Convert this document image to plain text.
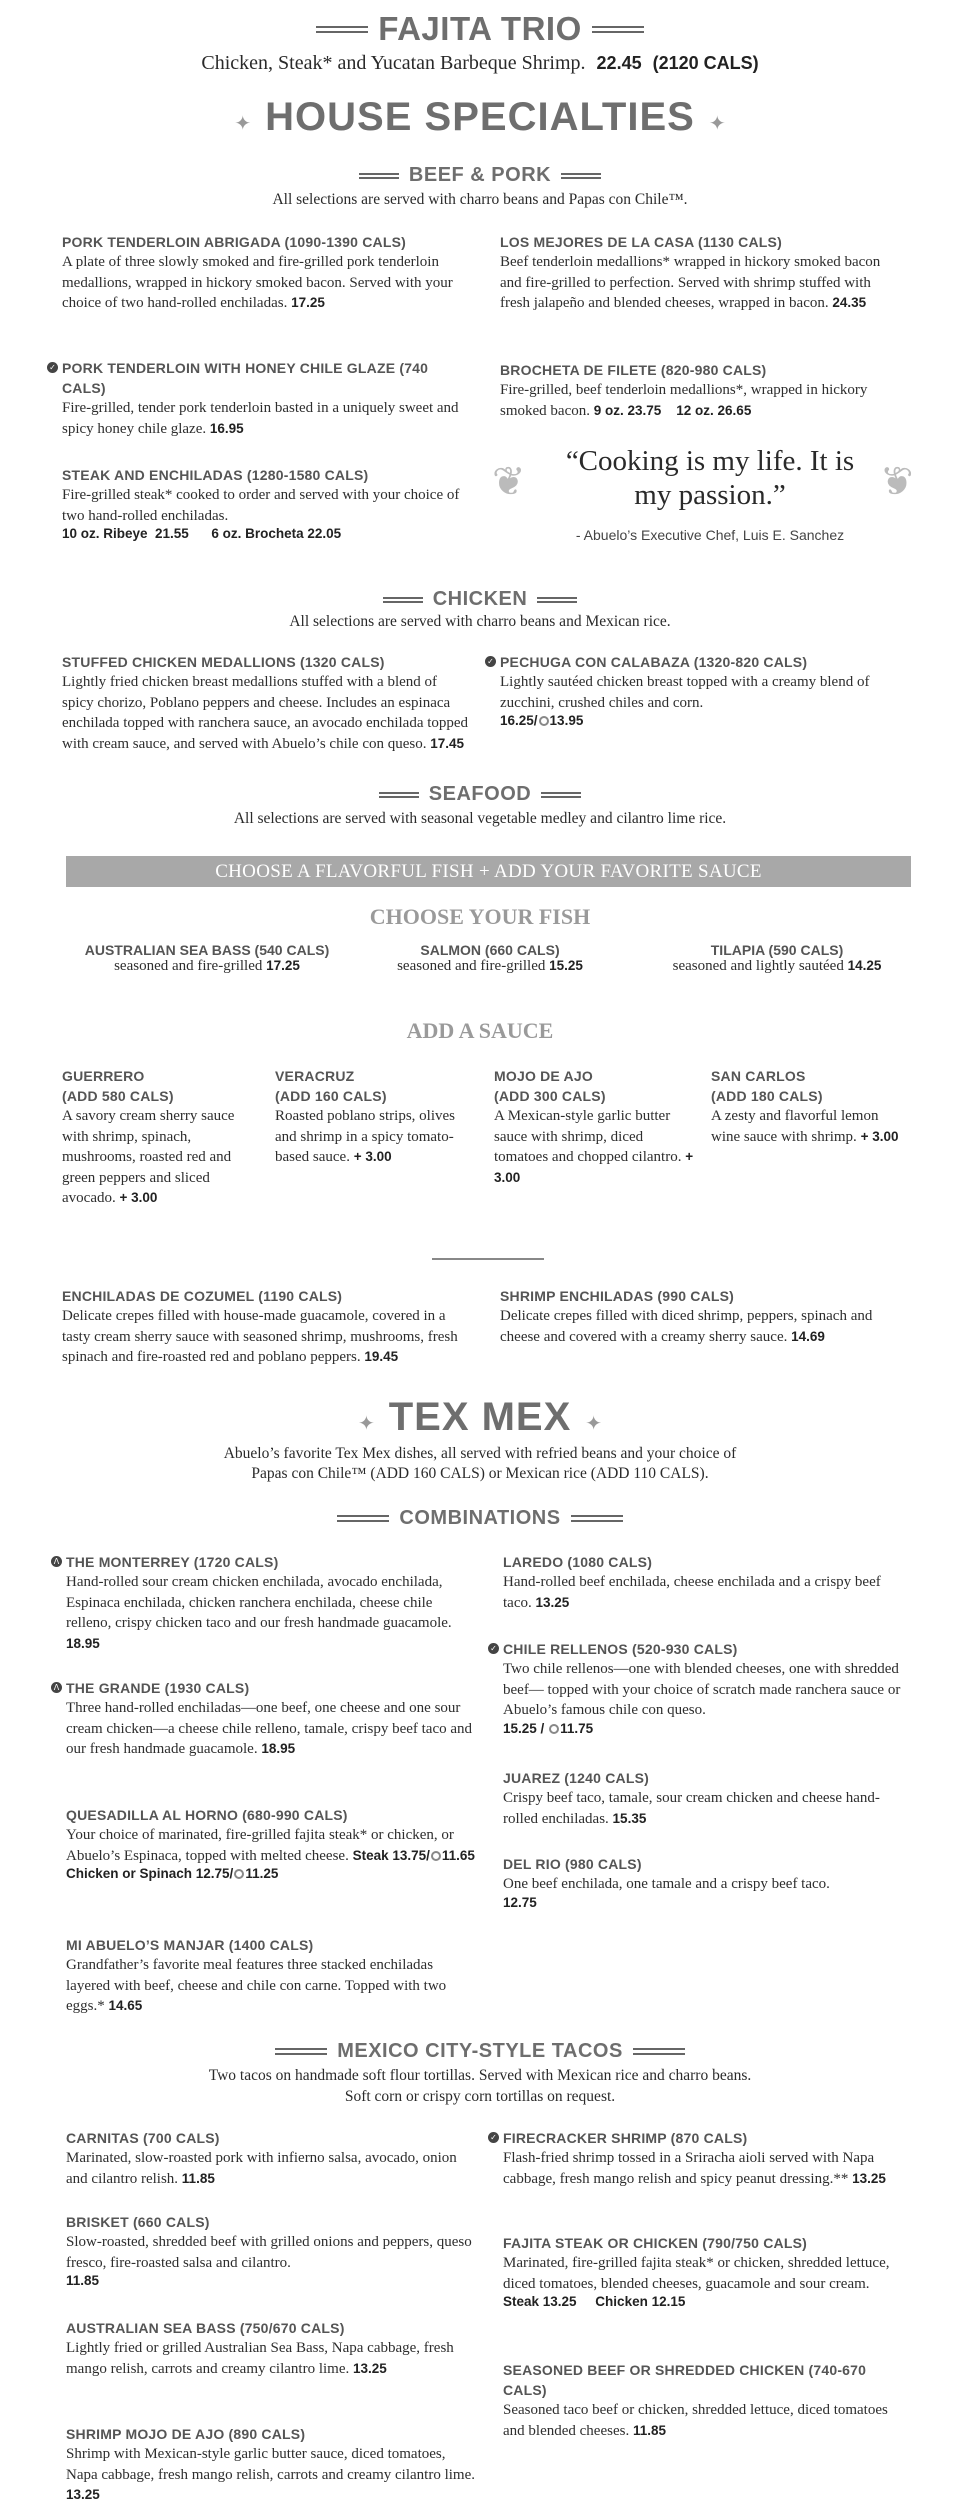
FAJITA TRIO
Chicken, Steak* and Yucatan Barbeque Shrimp. 22.45 (2120 CALS)
✦ HOUSE SPECIALTIES ✦
BEEF & PORK
All selections are served with charro beans and Papas con Chile™.
PORK TENDERLOIN ABRIGADA (1090-1390 CALS)
A plate of three slowly smoked and fire-grilled pork tenderloin medallions, wrapped in hickory smoked bacon. Served with your choice of two hand-rolled enchiladas. 17.25
✓ PORK TENDERLOIN WITH HONEY CHILE GLAZE (740 CALS)
Fire-grilled, tender pork tenderloin basted in a uniquely sweet and spicy honey chile glaze. 16.95
STEAK AND ENCHILADAS (1280-1580 CALS)
Fire-grilled steak* cooked to order and served with your choice of two hand-rolled enchiladas.
10 oz. Ribeye  21.55      6 oz. Brocheta 22.05
LOS MEJORES DE LA CASA (1130 CALS)
Beef tenderloin medallions* wrapped in hickory smoked bacon and fire-grilled to perfection. Served with shrimp stuffed with fresh jalapeño and blended cheeses, wrapped in bacon. 24.35
BROCHETA DE FILETE (820-980 CALS)
Fire-grilled, beef tenderloin medallions*, wrapped in hickory smoked bacon. 9 oz. 23.75    12 oz. 26.65
❦	❦
“Cooking is my life. It is my passion.”
- Abuelo’s Executive Chef, Luis E. Sanchez
CHICKEN
All selections are served with charro beans and Mexican rice.
STUFFED CHICKEN MEDALLIONS (1320 CALS)
Lightly fried chicken breast medallions stuffed with a blend of spicy chorizo, Poblano peppers and cheese. Includes an espinaca enchilada topped with ranchera sauce, an avocado enchilada topped with cream sauce, and served with Abuelo’s chile con queso. 17.45
✓ PECHUGA CON CALABAZA (1320-820 CALS)
Lightly sautéed chicken breast topped with a creamy blend of zucchini, crushed chiles and corn.
16.25/ 13.95
SEAFOOD
All selections are served with seasonal vegetable medley and cilantro lime rice.
CHOOSE A FLAVORFUL FISH + ADD YOUR FAVORITE SAUCE
CHOOSE YOUR FISH
AUSTRALIAN SEA BASS (540 CALS)
seasoned and fire-grilled 17.25
SALMON (660 CALS)
seasoned and fire-grilled 15.25
TILAPIA (590 CALS)
seasoned and lightly sautéed 14.25
ADD A SAUCE
GUERRERO
(ADD 580 CALS)
A savory cream sherry sauce with shrimp, spinach, mushrooms, roasted red and green peppers and sliced avocado. + 3.00
VERACRUZ
(ADD 160 CALS)
Roasted poblano strips, olives and shrimp in a spicy tomato-based sauce. + 3.00
MOJO DE AJO
(ADD 300 CALS)
A Mexican-style garlic butter sauce with shrimp, diced tomatoes and chopped cilantro. + 3.00
SAN CARLOS
(ADD 180 CALS)
A zesty and flavorful lemon wine sauce with shrimp. + 3.00
ENCHILADAS DE COZUMEL (1190 CALS)
Delicate crepes filled with house-made guacamole, covered in a tasty cream sherry sauce with seasoned shrimp, mushrooms, fresh spinach and fire-roasted red and poblano peppers. 19.45
SHRIMP ENCHILADAS (990 CALS)
Delicate crepes filled with diced shrimp, peppers, spinach and cheese and covered with a creamy sherry sauce. 14.69
✦ TEX MEX ✦
Abuelo’s favorite Tex Mex dishes, all served with refried beans and your choice of
Papas con Chile™ (ADD 160 CALS) or Mexican rice (ADD 110 CALS).
COMBINATIONS
Λ THE MONTERREY (1720 CALS)
Hand-rolled sour cream chicken enchilada, avocado enchilada, Espinaca enchilada, chicken ranchera enchilada, cheese chile relleno, crispy chicken taco and our fresh handmade guacamole. 18.95
Λ THE GRANDE (1930 CALS)
Three hand-rolled enchiladas—one beef, one cheese and one sour cream chicken—a cheese chile relleno, tamale, crispy beef taco and our fresh handmade guacamole. 18.95
QUESADILLA AL HORNO (680-990 CALS)
Your choice of marinated, fire-grilled fajita steak* or chicken, or Abuelo’s Espinaca, topped with melted cheese. Steak 13.75/ 11.65
Chicken or Spinach 12.75/ 11.25
MI ABUELO’S MANJAR (1400 CALS)
Grandfather’s favorite meal features three stacked enchiladas layered with beef, cheese and chile con carne. Topped with two eggs.* 14.65
LAREDO (1080 CALS)
Hand-rolled beef enchilada, cheese enchilada and a crispy beef taco. 13.25
✓ CHILE RELLENOS (520-930 CALS)
Two chile rellenos—one with blended cheeses, one with shredded beef— topped with your choice of scratch made ranchera sauce or Abuelo’s famous chile con queso.
15.25 / 11.75
JUAREZ (1240 CALS)
Crispy beef taco, tamale, sour cream chicken and cheese hand-rolled enchiladas. 15.35
DEL RIO (980 CALS)
One beef enchilada, one tamale and a crispy beef taco.
12.75
MEXICO CITY-STYLE TACOS
Two tacos on handmade soft flour tortillas. Served with Mexican rice and charro beans.
Soft corn or crispy corn tortillas on request.
CARNITAS (700 CALS)
Marinated, slow-roasted pork with infierno salsa, avocado, onion and cilantro relish. 11.85
BRISKET (660 CALS)
Slow-roasted, shredded beef with grilled onions and peppers, queso fresco, fire-roasted salsa and cilantro.
11.85
AUSTRALIAN SEA BASS (750/670 CALS)
Lightly fried or grilled Australian Sea Bass, Napa cabbage, fresh mango relish, carrots and creamy cilantro lime. 13.25
SHRIMP MOJO DE AJO (890 CALS)
Shrimp with Mexican-style garlic butter sauce, diced tomatoes, Napa cabbage, fresh mango relish, carrots and creamy cilantro lime. 13.25
✓ FIRECRACKER SHRIMP (870 CALS)
Flash-fried shrimp tossed in a Sriracha aioli served with Napa cabbage, fresh mango relish and spicy peanut dressing.** 13.25
FAJITA STEAK OR CHICKEN (790/750 CALS)
Marinated, fire-grilled fajita steak* or chicken, shredded lettuce, diced tomatoes, blended cheeses, guacamole and sour cream.
Steak 13.25     Chicken 12.15
SEASONED BEEF OR SHREDDED CHICKEN (740-670 CALS)
Seasoned taco beef or chicken, shredded lettuce, diced tomatoes and blended cheeses. 11.85
